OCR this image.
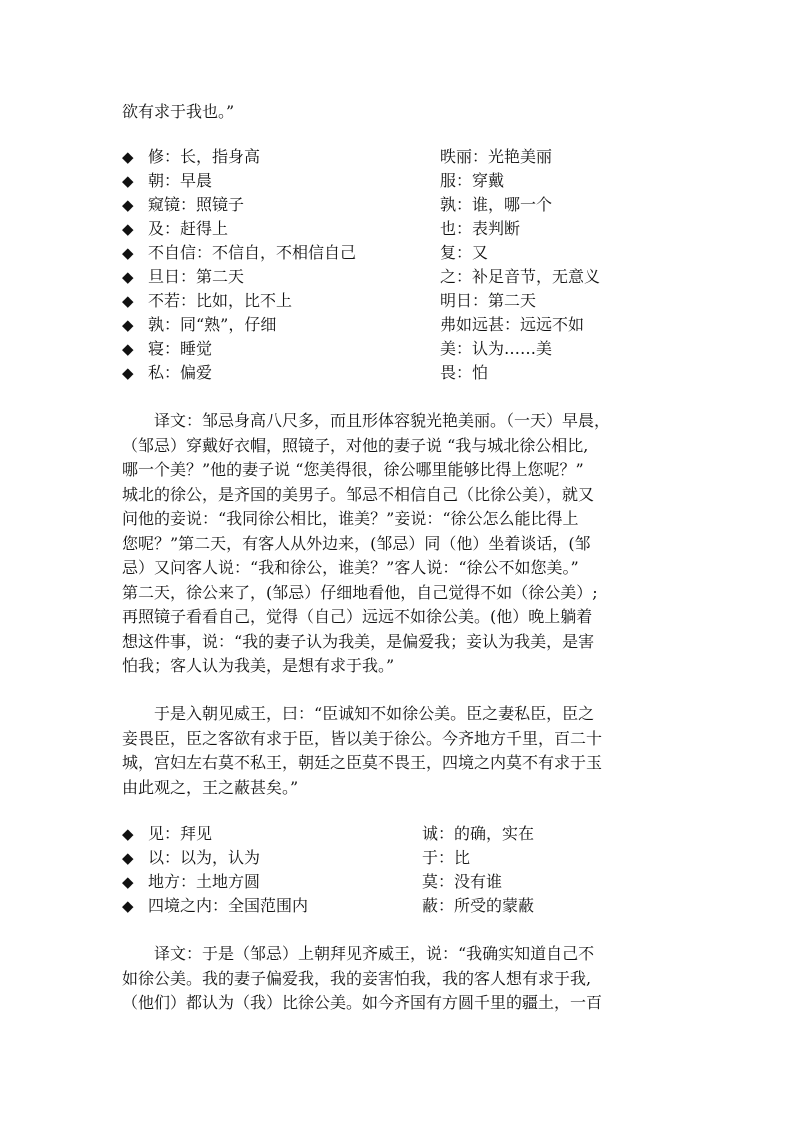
欲有求于我也。”
◆ 修：长，指身高	昳丽：光艳美丽
◆ 朝：早晨	服：穿戴
◆ 窥镜：照镜子	孰：谁，哪一个
◆ 及：赶得上	也：表判断
◆ 不自信：不信自，不相信自己	复：又
◆ 旦日：第二天	之：补足音节，无意义
◆ 不若：比如，比不上	明日：第二天
◆ 孰：同“熟”，仔细	弗如远甚：远远不如
◆ 寝：睡觉	美：认为……美
◆ 私：偏爱	畏：怕
　　译文：邹忌身高八尺多，而且形体容貌光艳美丽。（一天）早晨，
（邹忌）穿戴好衣帽，照镜子，对他的妻子说 “我与城北徐公相比,
哪一个美？”他的妻子说 “您美得很，徐公哪里能够比得上您呢？”
城北的徐公，是齐国的美男子。邹忌不相信自己（比徐公美），就又
问他的妾说：“我同徐公相比，谁美？”妾说：“徐公怎么能比得上
您呢？”第二天，有客人从外边来，(邹忌）同（他）坐着谈话，(邹
忌）又问客人说：“我和徐公，谁美？”客人说：“徐公不如您美。”
第二天，徐公来了，(邹忌）仔细地看他，自己觉得不如（徐公美）;
再照镜子看看自己，觉得（自己）远远不如徐公美。(他）晚上躺着
想这件事，说：“我的妻子认为我美，是偏爱我；妾认为我美，是害
怕我；客人认为我美，是想有求于我。”
　　于是入朝见威王，曰：“臣诚知不如徐公美。臣之妻私臣，臣之
妾畏臣，臣之客欲有求于臣，皆以美于徐公。今齐地方千里，百二十
城，宫妇左右莫不私王，朝廷之臣莫不畏王，四境之内莫不有求于玉
由此观之，王之蔽甚矣。”
◆ 见：拜见	诚：的确，实在
◆ 以：以为，认为	于：比
◆ 地方：土地方圆	莫：没有谁
◆ 四境之内：全国范围内	蔽：所受的蒙蔽
　　译文：于是（邹忌）上朝拜见齐威王，说：“我确实知道自己不
如徐公美。我的妻子偏爱我，我的妾害怕我，我的客人想有求于我,
（他们）都认为（我）比徐公美。如今齐国有方圆千里的疆土，一百
